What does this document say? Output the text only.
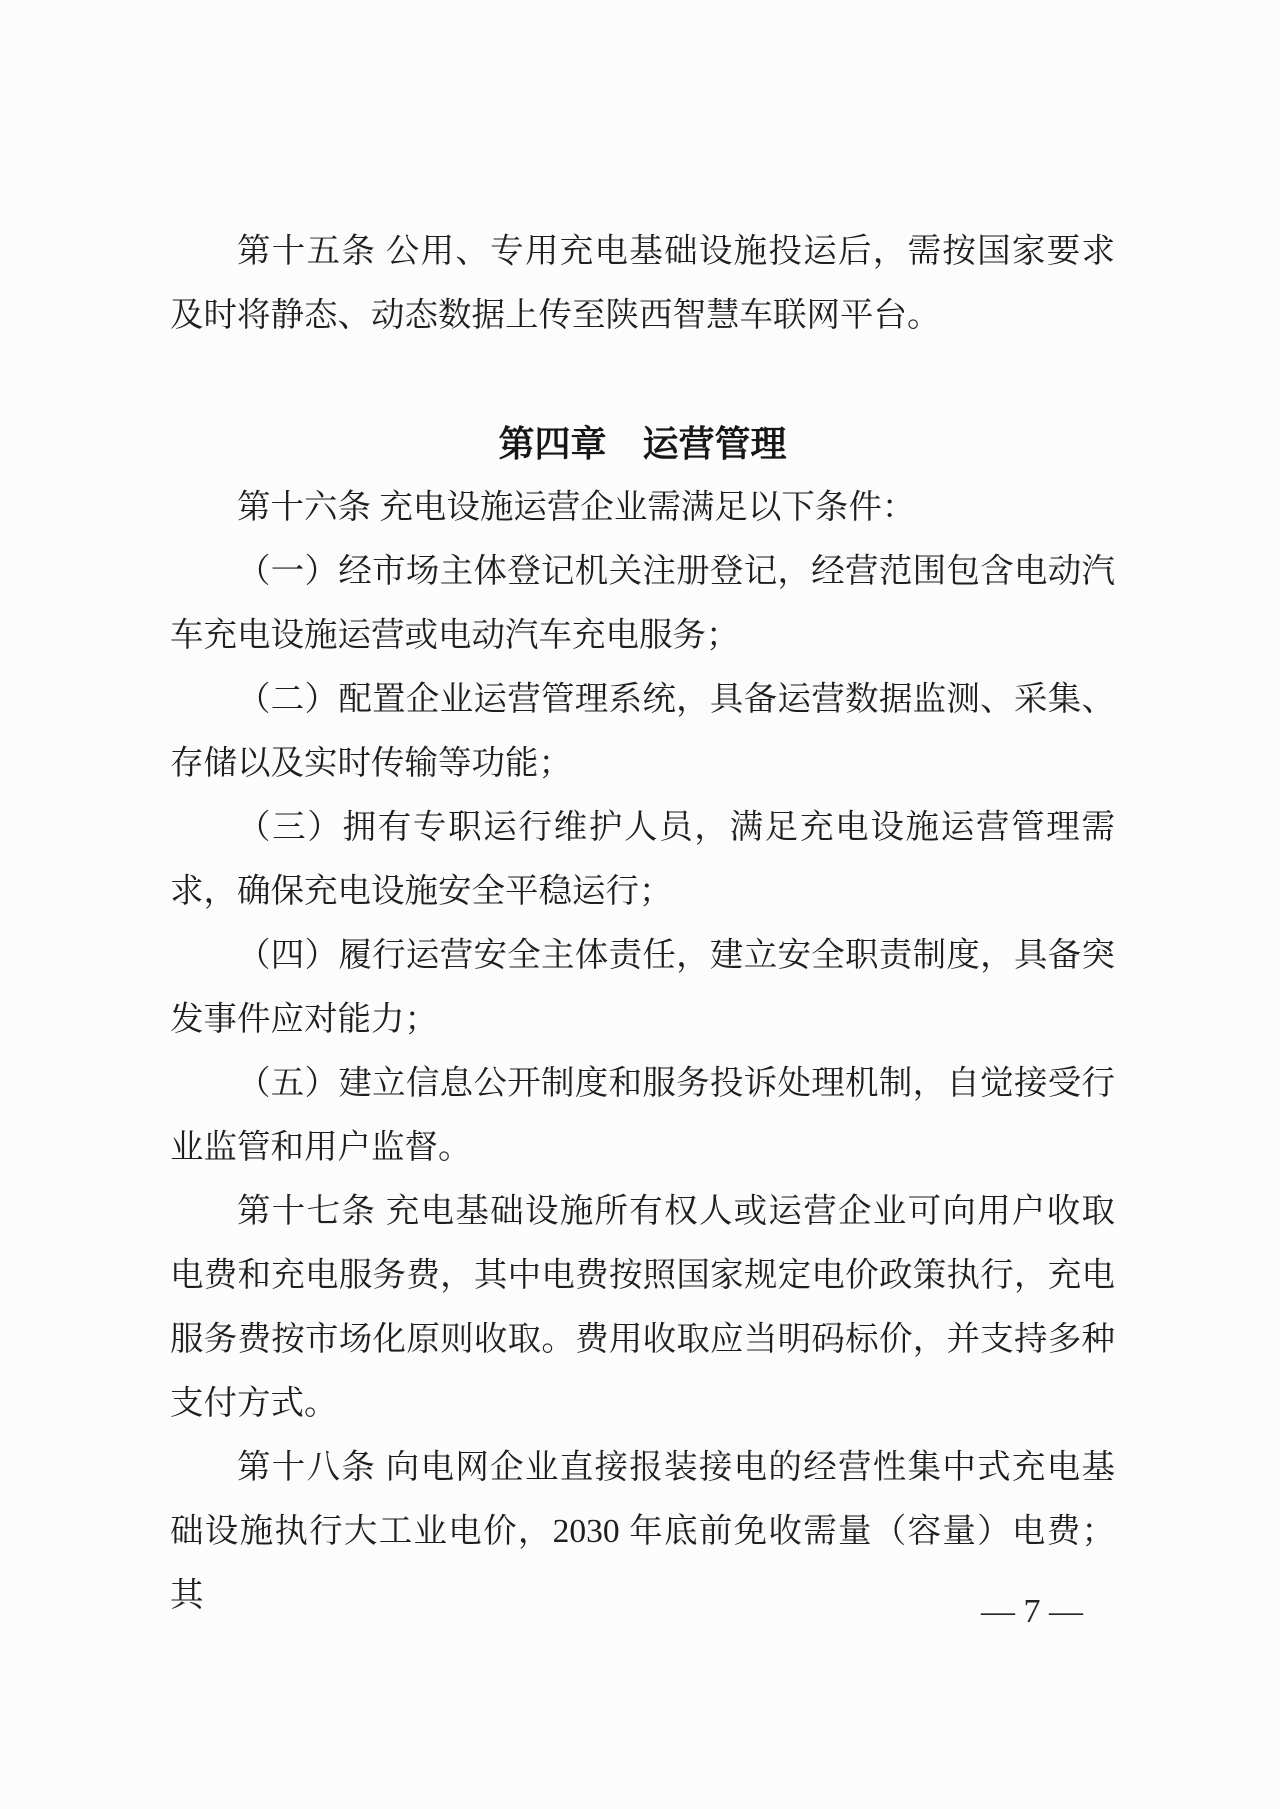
第十五条 公用、专用充电基础设施投运后，需按国家要求及时将静态、动态数据上传至陕西智慧车联网平台。

第四章　运营管理

第十六条 充电设施运营企业需满足以下条件：

（一）经市场主体登记机关注册登记，经营范围包含电动汽车充电设施运营或电动汽车充电服务；

（二）配置企业运营管理系统，具备运营数据监测、采集、存储以及实时传输等功能；

（三）拥有专职运行维护人员，满足充电设施运营管理需求，确保充电设施安全平稳运行；

（四）履行运营安全主体责任，建立安全职责制度，具备突发事件应对能力；

（五）建立信息公开制度和服务投诉处理机制，自觉接受行业监管和用户监督。

第十七条 充电基础设施所有权人或运营企业可向用户收取电费和充电服务费，其中电费按照国家规定电价政策执行，充电服务费按市场化原则收取。费用收取应当明码标价，并支持多种支付方式。

第十八条 向电网企业直接报装接电的经营性集中式充电基础设施执行大工业电价，2030 年底前免收需量（容量）电费；其	— 7 —
